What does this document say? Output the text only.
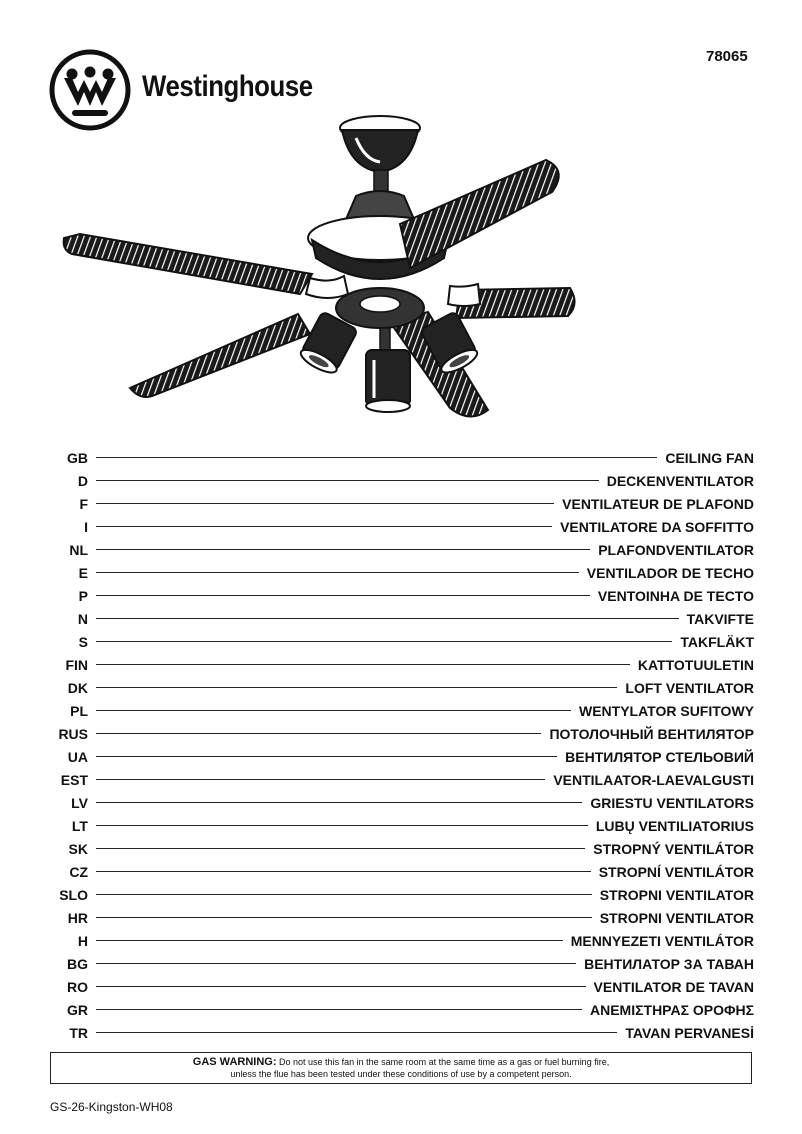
78065
Westinghouse
GB	CEILING FAN
D	DECKENVENTILATOR
F	VENTILATEUR DE PLAFOND
I	VENTILATORE DA SOFFITTO
NL	PLAFONDVENTILATOR
E	VENTILADOR DE TECHO
P	VENTOINHA DE TECTO
N	TAKVIFTE
S	TAKFLÄKT
FIN	KATTOTUULETIN
DK	LOFT VENTILATOR
PL	WENTYLATOR SUFITOWY
RUS	ПОТОЛОЧНЫЙ ВЕНТИЛЯТОР
UA	ВЕНТИЛЯТОР СТЕЛЬОВИЙ
EST	VENTILAATOR-LAEVALGUSTI
LV	GRIESTU VENTILATORS
LT	LUBŲ VENTILIATORIUS
SK	STROPNÝ VENTILÁTOR
CZ	STROPNÍ VENTILÁTOR
SLO	STROPNI VENTILATOR
HR	STROPNI VENTILATOR
H	MENNYEZETI VENTILÁTOR
BG	ВЕНТИЛАТОР ЗА ТАВАН
RO	VENTILATOR DE TAVAN
GR	ΑΝΕΜΙΣΤΗΡΑΣ ΟΡΟΦΗΣ
TR	TAVAN PERVANESİ
GAS WARNING: Do not use this fan in the same room at the same time as a gas or fuel burning fire,
unless the flue has been tested under these conditions of use by a competent person.
GS-26-Kingston-WH08
